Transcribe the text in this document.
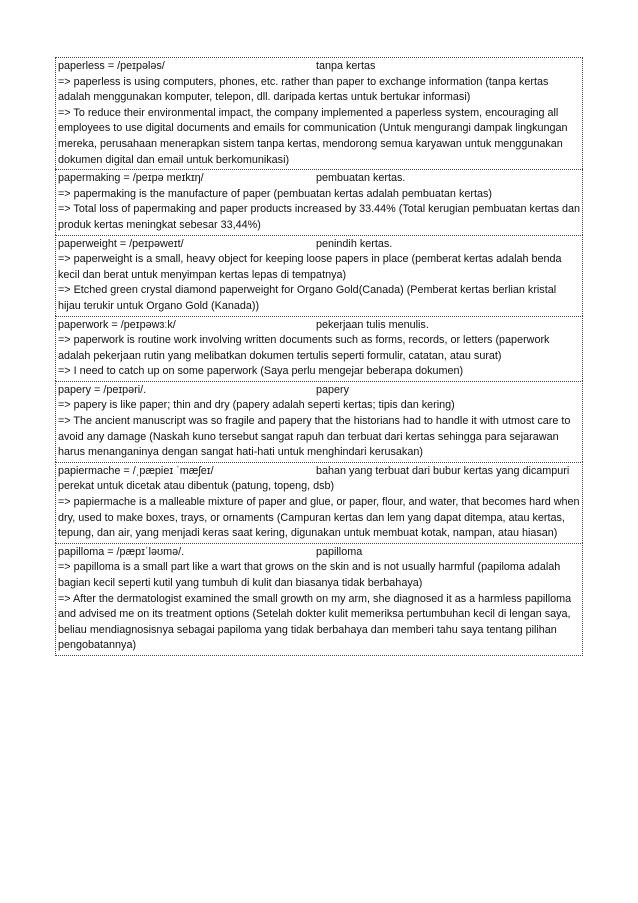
paperless = /peɪpələs/	tanpa kertas
=> paperless is using computers, phones, etc. rather than paper to exchange information (tanpa kertas adalah menggunakan komputer, telepon, dll. daripada kertas untuk bertukar informasi)
=> To reduce their environmental impact, the company implemented a paperless system, encouraging all employees to use digital documents and emails for communication (Untuk mengurangi dampak lingkungan mereka, perusahaan menerapkan sistem tanpa kertas, mendorong semua karyawan untuk menggunakan dokumen digital dan email untuk berkomunikasi)
papermaking = /peɪpə meɪkɪŋ/	pembuatan kertas.
=> papermaking is the manufacture of paper (pembuatan kertas adalah pembuatan kertas)
=> Total loss of papermaking and paper products increased by 33.44% (Total kerugian pembuatan kertas dan produk kertas meningkat sebesar 33,44%)
paperweight = /peɪpəweɪt/	penindih kertas.
=> paperweight is a small, heavy object for keeping loose papers in place (pemberat kertas adalah benda kecil dan berat untuk menyimpan kertas lepas di tempatnya)
=> Etched green crystal diamond paperweight for Organo Gold(Canada) (Pemberat kertas berlian kristal hijau terukir untuk Organo Gold (Kanada))
paperwork = /peɪpəwɜːk/	pekerjaan tulis menulis.
=> paperwork is routine work involving written documents such as forms, records, or letters (paperwork adalah pekerjaan rutin yang melibatkan dokumen tertulis seperti formulir, catatan, atau surat)
=> I need to catch up on some paperwork (Saya perlu mengejar beberapa dokumen)
papery = /peɪpəri/.	papery
=> papery is like paper; thin and dry (papery adalah seperti kertas; tipis dan kering)
=> The ancient manuscript was so fragile and papery that the historians had to handle it with utmost care to avoid any damage (Naskah kuno tersebut sangat rapuh dan terbuat dari kertas sehingga para sejarawan harus menanganinya dengan sangat hati-hati untuk menghindari kerusakan)
papiermache = /ˌpæpieɪ ˈmæʃeɪ/	bahan yang terbuat dari bubur kertas yang dicampuri perekat untuk dicetak atau dibentuk (patung, topeng, dsb)
=> papiermache is a malleable mixture of paper and glue, or paper, flour, and water, that becomes hard when dry, used to make boxes, trays, or ornaments (Campuran kertas dan lem yang dapat ditempa, atau kertas, tepung, dan air, yang menjadi keras saat kering, digunakan untuk membuat kotak, nampan, atau hiasan)
papilloma = /pæpɪˈləʊmə/.	papilloma
=> papilloma is a small part like a wart that grows on the skin and is not usually harmful (papiloma adalah bagian kecil seperti kutil yang tumbuh di kulit dan biasanya tidak berbahaya)
=> After the dermatologist examined the small growth on my arm, she diagnosed it as a harmless papilloma and advised me on its treatment options (Setelah dokter kulit memeriksa pertumbuhan kecil di lengan saya, beliau mendiagnosisnya sebagai papiloma yang tidak berbahaya dan memberi tahu saya tentang pilihan pengobatannya)
